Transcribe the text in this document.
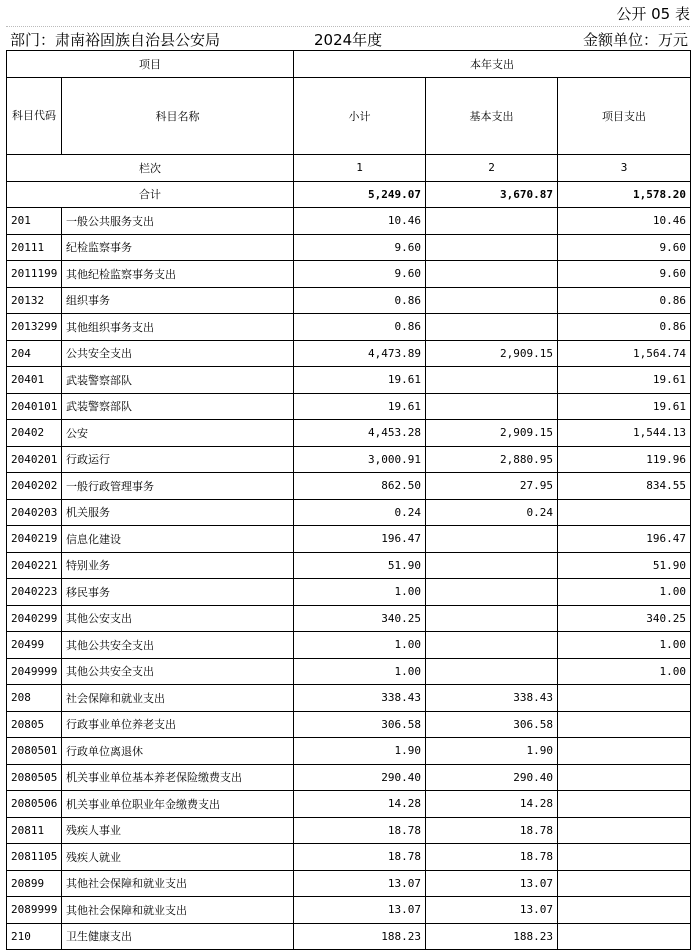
公开 05 表
部门：肃南裕固族自治县公安局	2024年度	金额单位：万元
项目		本年支出		
科目代码	科目名称	小计	基本支出	项目支出
栏次		1	2	3
合计		5,249.07	3,670.87	1,578.20
201	一般公共服务支出	10.46		10.46
20111	纪检监察事务	9.60		9.60
2011199	其他纪检监察事务支出	9.60		9.60
20132	组织事务	0.86		0.86
2013299	其他组织事务支出	0.86		0.86
204	公共安全支出	4,473.89	2,909.15	1,564.74
20401	武装警察部队	19.61		19.61
2040101	武装警察部队	19.61		19.61
20402	公安	4,453.28	2,909.15	1,544.13
2040201	行政运行	3,000.91	2,880.95	119.96
2040202	一般行政管理事务	862.50	27.95	834.55
2040203	机关服务	0.24	0.24	
2040219	信息化建设	196.47		196.47
2040221	特别业务	51.90		51.90
2040223	移民事务	1.00		1.00
2040299	其他公安支出	340.25		340.25
20499	其他公共安全支出	1.00		1.00
2049999	其他公共安全支出	1.00		1.00
208	社会保障和就业支出	338.43	338.43	
20805	行政事业单位养老支出	306.58	306.58	
2080501	行政单位离退休	1.90	1.90	
2080505	机关事业单位基本养老保险缴费支出	290.40	290.40	
2080506	机关事业单位职业年金缴费支出	14.28	14.28	
20811	残疾人事业	18.78	18.78	
2081105	残疾人就业	18.78	18.78	
20899	其他社会保障和就业支出	13.07	13.07	
2089999	其他社会保障和就业支出	13.07	13.07	
210	卫生健康支出	188.23	188.23	
